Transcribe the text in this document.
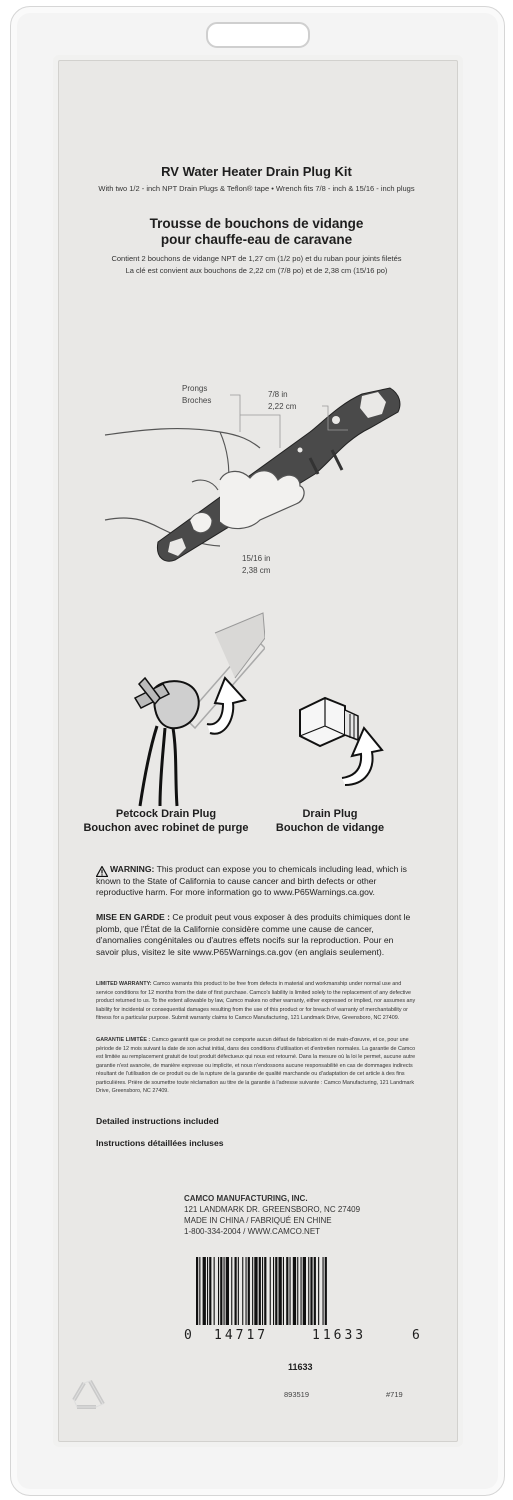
RV Water Heater Drain Plug Kit
With two 1/2 - inch NPT Drain Plugs & Teflon® tape • Wrench fits 7/8 - inch & 15/16 - inch plugs
Trousse de bouchons de vidange
pour chauffe-eau de caravane
Contient 2 bouchons de vidange NPT de 1,27 cm (1/2 po) et du ruban pour joints filetés
La clé est convient aux bouchons de 2,22 cm (7/8 po) et de 2,38 cm (15/16 po)
Prongs
Broches
7/8 in
2,22 cm
15/16 in
2,38 cm
Petcock Drain Plug
Bouchon avec robinet de purge
Drain Plug
Bouchon de vidange
WARNING: This product can expose you to chemicals including lead, which is known to the State of California to cause cancer and birth defects or other reproductive harm. For more information go to www.P65Warnings.ca.gov.
MISE EN GARDE : Ce produit peut vous exposer à des produits chimiques dont le plomb, que l'État de la Californie considère comme une cause de cancer, d'anomalies congénitales ou d'autres effets nocifs sur la reproduction. Pour en savoir plus, visitez le site www.P65Warnings.ca.gov (en anglais seulement).
LIMITED WARRANTY: Camco warrants this product to be free from defects in material and workmanship under normal use and service conditions for 12 months from the date of first purchase. Camco's liability is limited solely to the replacement of any defective product returned to us. To the extent allowable by law, Camco makes no other warranty, either expressed or implied, nor assumes any liability for incidental or consequential damages resulting from the use of this product or for breach of warranty of merchantability or fitness for a particular purpose. Submit warranty claims to Camco Manufacturing, 121 Landmark Drive, Greensboro, NC 27409.
GARANTIE LIMITÉE : Camco garantit que ce produit ne comporte aucun défaut de fabrication ni de main-d'œuvre, et ce, pour une période de 12 mois suivant la date de son achat initial, dans des conditions d'utilisation et d'entretien normales. La garantie de Camco est limitée au remplacement gratuit de tout produit défectueux qui nous est retourné. Dans la mesure où la loi le permet, aucune autre garantie n'est avancée, de manière expresse ou implicite, et nous n'endossons aucune responsabilité en cas de dommages indirects résultant de l'utilisation de ce produit ou de la rupture de la garantie de qualité marchande ou d'adaptation de cet article à des fins particulières. Prière de soumettre toute réclamation au titre de la garantie à l'adresse suivante : Camco Manufacturing, 121 Landmark Drive, Greensboro, NC 27409.
Detailed instructions included
Instructions détaillées incluses
CAMCO MANUFACTURING, INC.
121 LANDMARK DR. GREENSBORO, NC 27409
MADE IN CHINA / FABRIQUÉ EN CHINE
1-800-334-2004 / WWW.CAMCO.NET
0 14717	11633	6
11633
893519	#719
